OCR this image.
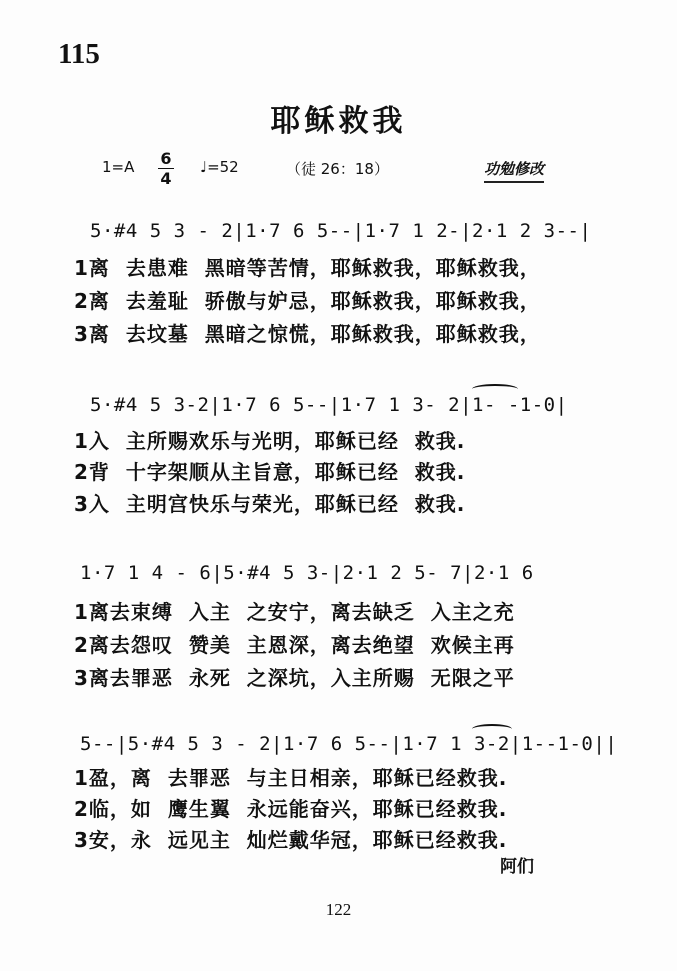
115
耶稣救我
1=A 6
4
♩=52	（徒 26：18）	功勉修改
5·#4 5 3 - 2|1·7 6 5--|1·7 1 2-|2·1 2 3--|
1离  去患难  黑暗等苦情，耶稣救我，耶稣救我，
2离  去羞耻  骄傲与妒忌，耶稣救我，耶稣救我，
3离  去坟墓  黑暗之惊慌，耶稣救我，耶稣救我，
5·#4 5 3-2|1·7 6 5--|1·7 1 3- 2|1- -1-0|
1入  主所赐欢乐与光明，耶稣已经  救我.
2背  十字架顺从主旨意，耶稣已经  救我.
3入  主明宫快乐与荣光，耶稣已经  救我.
1·7 1 4 - 6|5·#4 5 3-|2·1 2 5- 7|2·1 6
1离去束缚  入主  之安宁，离去缺乏  入主之充
2离去怨叹  赞美  主恩深，离去绝望  欢候主再
3离去罪恶  永死  之深坑，入主所赐  无限之平
5--|5·#4 5 3 - 2|1·7 6 5--|1·7 1 3-2|1--1-0||
1盈，离  去罪恶  与主日相亲，耶稣已经救我.
2临，如  鹰生翼  永远能奋兴，耶稣已经救我.
3安，永  远见主  灿烂戴华冠，耶稣已经救我.
阿们
122
